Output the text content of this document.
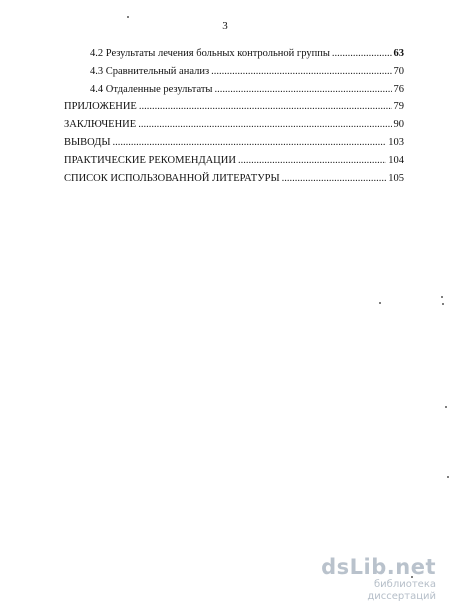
3
4.2 Результаты лечения больных контрольной группы .....	63
4.3 Сравнительный анализ .....	70
4.4 Отдаленные результаты .....	76
ПРИЛОЖЕНИЕ .....	79
ЗАКЛЮЧЕНИЕ .....	90
ВЫВОДЫ .....	103
ПРАКТИЧЕСКИЕ РЕКОМЕНДАЦИИ .....	104
СПИСОК ИСПОЛЬЗОВАННОЙ ЛИТЕРАТУРЫ .....	105
dsLib.net
библиотека диссертаций
